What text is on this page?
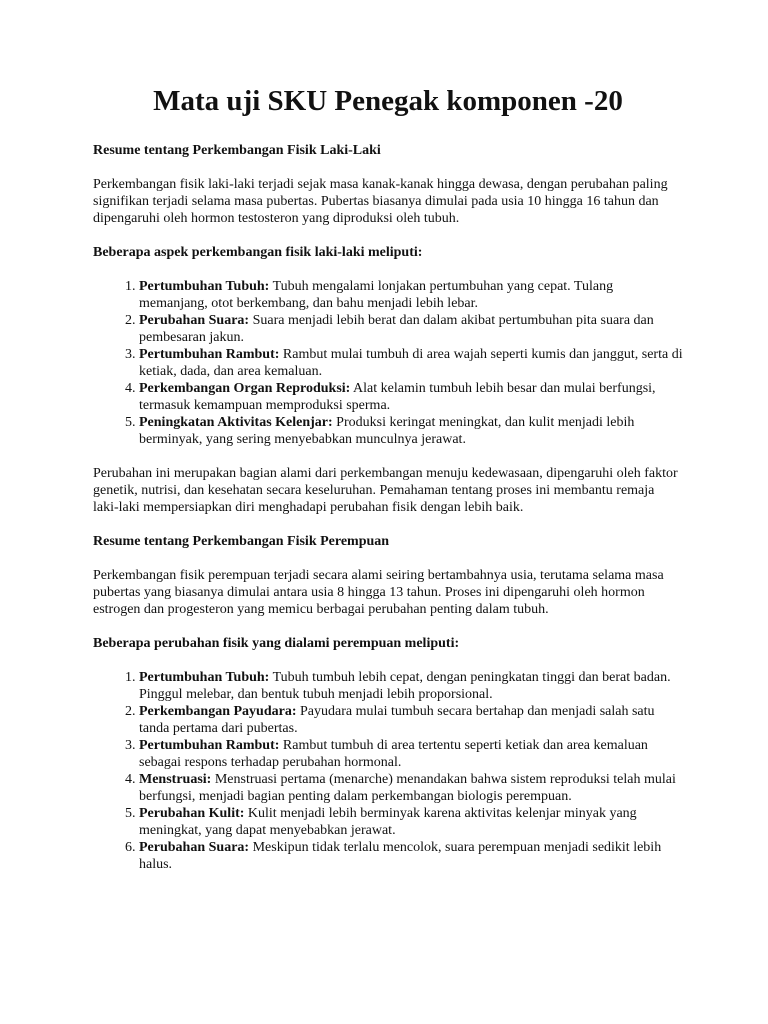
Mata uji SKU Penegak komponen -20
Resume tentang Perkembangan Fisik Laki-Laki

Perkembangan fisik laki-laki terjadi sejak masa kanak-kanak hingga dewasa, dengan perubahan paling signifikan terjadi selama masa pubertas. Pubertas biasanya dimulai pada usia 10 hingga 16 tahun dan dipengaruhi oleh hormon testosteron yang diproduksi oleh tubuh.

Beberapa aspek perkembangan fisik laki-laki meliputi:
1. Pertumbuhan Tubuh: Tubuh mengalami lonjakan pertumbuhan yang cepat. Tulang memanjang, otot berkembang, dan bahu menjadi lebih lebar.
2. Perubahan Suara: Suara menjadi lebih berat dan dalam akibat pertumbuhan pita suara dan pembesaran jakun.
3. Pertumbuhan Rambut: Rambut mulai tumbuh di area wajah seperti kumis dan janggut, serta di ketiak, dada, dan area kemaluan.
4. Perkembangan Organ Reproduksi: Alat kelamin tumbuh lebih besar dan mulai berfungsi, termasuk kemampuan memproduksi sperma.
5. Peningkatan Aktivitas Kelenjar: Produksi keringat meningkat, dan kulit menjadi lebih berminyak, yang sering menyebabkan munculnya jerawat.

Perubahan ini merupakan bagian alami dari perkembangan menuju kedewasaan, dipengaruhi oleh faktor genetik, nutrisi, dan kesehatan secara keseluruhan. Pemahaman tentang proses ini membantu remaja laki-laki mempersiapkan diri menghadapi perubahan fisik dengan lebih baik.

Resume tentang Perkembangan Fisik Perempuan

Perkembangan fisik perempuan terjadi secara alami seiring bertambahnya usia, terutama selama masa pubertas yang biasanya dimulai antara usia 8 hingga 13 tahun. Proses ini dipengaruhi oleh hormon estrogen dan progesteron yang memicu berbagai perubahan penting dalam tubuh.

Beberapa perubahan fisik yang dialami perempuan meliputi:
1. Pertumbuhan Tubuh: Tubuh tumbuh lebih cepat, dengan peningkatan tinggi dan berat badan. Pinggul melebar, dan bentuk tubuh menjadi lebih proporsional.
2. Perkembangan Payudara: Payudara mulai tumbuh secara bertahap dan menjadi salah satu tanda pertama dari pubertas.
3. Pertumbuhan Rambut: Rambut tumbuh di area tertentu seperti ketiak dan area kemaluan sebagai respons terhadap perubahan hormonal.
4. Menstruasi: Menstruasi pertama (menarche) menandakan bahwa sistem reproduksi telah mulai berfungsi, menjadi bagian penting dalam perkembangan biologis perempuan.
5. Perubahan Kulit: Kulit menjadi lebih berminyak karena aktivitas kelenjar minyak yang meningkat, yang dapat menyebabkan jerawat.
6. Perubahan Suara: Meskipun tidak terlalu mencolok, suara perempuan menjadi sedikit lebih halus.
